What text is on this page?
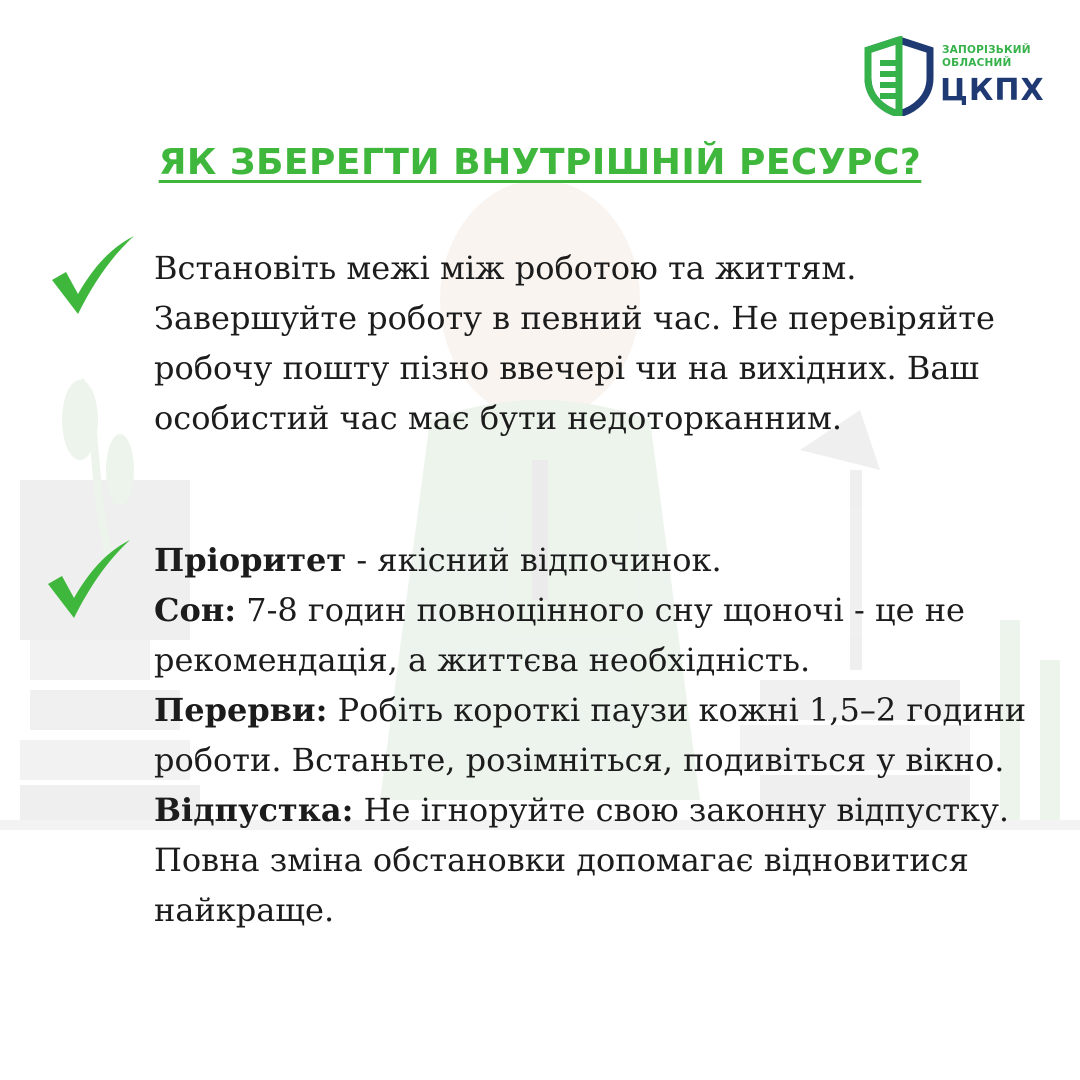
ЗАПОРІЗЬКИЙ
ОБЛАСНИЙ
ЦКПХ
ЯК ЗБЕРЕГТИ ВНУТРІШНІЙ РЕСУРС?

Встановіть межі між роботою та життям. Завершуйте роботу в певний час. Не перевіряйте робочу пошту пізно ввечері чи на вихідних. Ваш особистий час має бути недоторканним.

Пріоритет - якісний відпочинок.

Сон: 7-8 годин повноцінного сну щоночі - це не рекомендація, а життєва необхідність.

Перерви: Робіть короткі паузи кожні 1,5–2 години роботи. Встаньте, розімніться, подивіться у вікно.

Відпустка: Не ігноруйте свою законну відпустку. Повна зміна обстановки допомагає відновитися найкраще.
